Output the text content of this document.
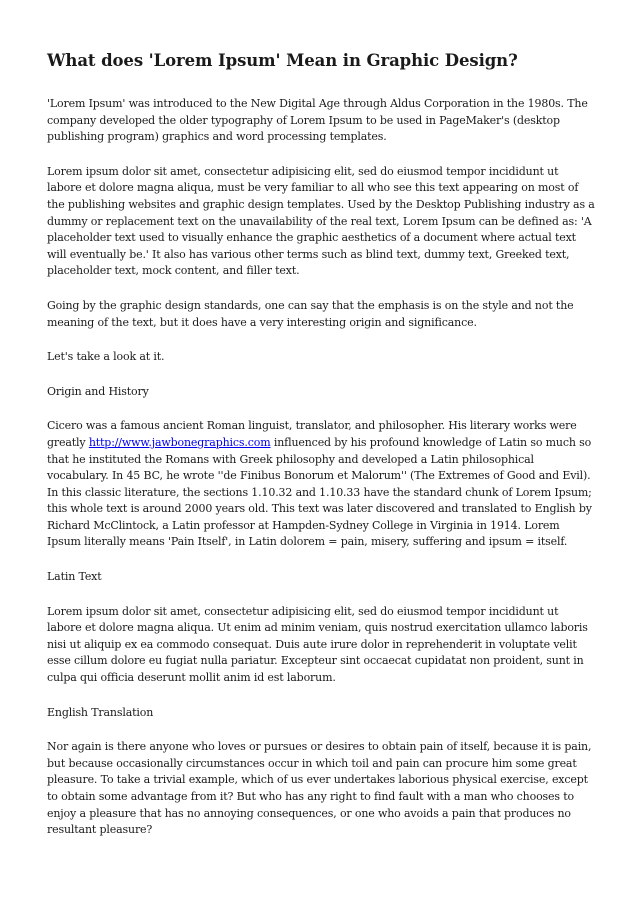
What does 'Lorem Ipsum' Mean in Graphic Design?

'Lorem Ipsum' was introduced to the New Digital Age through Aldus Corporation in the 1980s. The company developed the older typography of Lorem Ipsum to be used in PageMaker's (desktop publishing program) graphics and word processing templates.

Lorem ipsum dolor sit amet, consectetur adipisicing elit, sed do eiusmod tempor incididunt ut labore et dolore magna aliqua, must be very familiar to all who see this text appearing on most of the publishing websites and graphic design templates. Used by the Desktop Publishing industry as a dummy or replacement text on the unavailability of the real text, Lorem Ipsum can be defined as: 'A placeholder text used to visually enhance the graphic aesthetics of a document where actual text will eventually be.' It also has various other terms such as blind text, dummy text, Greeked text, placeholder text, mock content, and filler text.

Going by the graphic design standards, one can say that the emphasis is on the style and not the meaning of the text, but it does have a very interesting origin and significance.

Let's take a look at it.

Origin and History

Cicero was a famous ancient Roman linguist, translator, and philosopher. His literary works were greatly http://www.jawbonegraphics.com influenced by his profound knowledge of Latin so much so that he instituted the Romans with Greek philosophy and developed a Latin philosophical vocabulary. In 45 BC, he wrote ''de Finibus Bonorum et Malorum'' (The Extremes of Good and Evil). In this classic literature, the sections 1.10.32 and 1.10.33 have the standard chunk of Lorem Ipsum; this whole text is around 2000 years old. This text was later discovered and translated to English by Richard McClintock, a Latin professor at Hampden-Sydney College in Virginia in 1914. Lorem Ipsum literally means 'Pain Itself', in Latin dolorem = pain, misery, suffering and ipsum = itself.

Latin Text

Lorem ipsum dolor sit amet, consectetur adipisicing elit, sed do eiusmod tempor incididunt ut labore et dolore magna aliqua. Ut enim ad minim veniam, quis nostrud exercitation ullamco laboris nisi ut aliquip ex ea commodo consequat. Duis aute irure dolor in reprehenderit in voluptate velit esse cillum dolore eu fugiat nulla pariatur. Excepteur sint occaecat cupidatat non proident, sunt in culpa qui officia deserunt mollit anim id est laborum.

English Translation

Nor again is there anyone who loves or pursues or desires to obtain pain of itself, because it is pain, but because occasionally circumstances occur in which toil and pain can procure him some great pleasure. To take a trivial example, which of us ever undertakes laborious physical exercise, except to obtain some advantage from it? But who has any right to find fault with a man who chooses to enjoy a pleasure that has no annoying consequences, or one who avoids a pain that produces no resultant pleasure?
